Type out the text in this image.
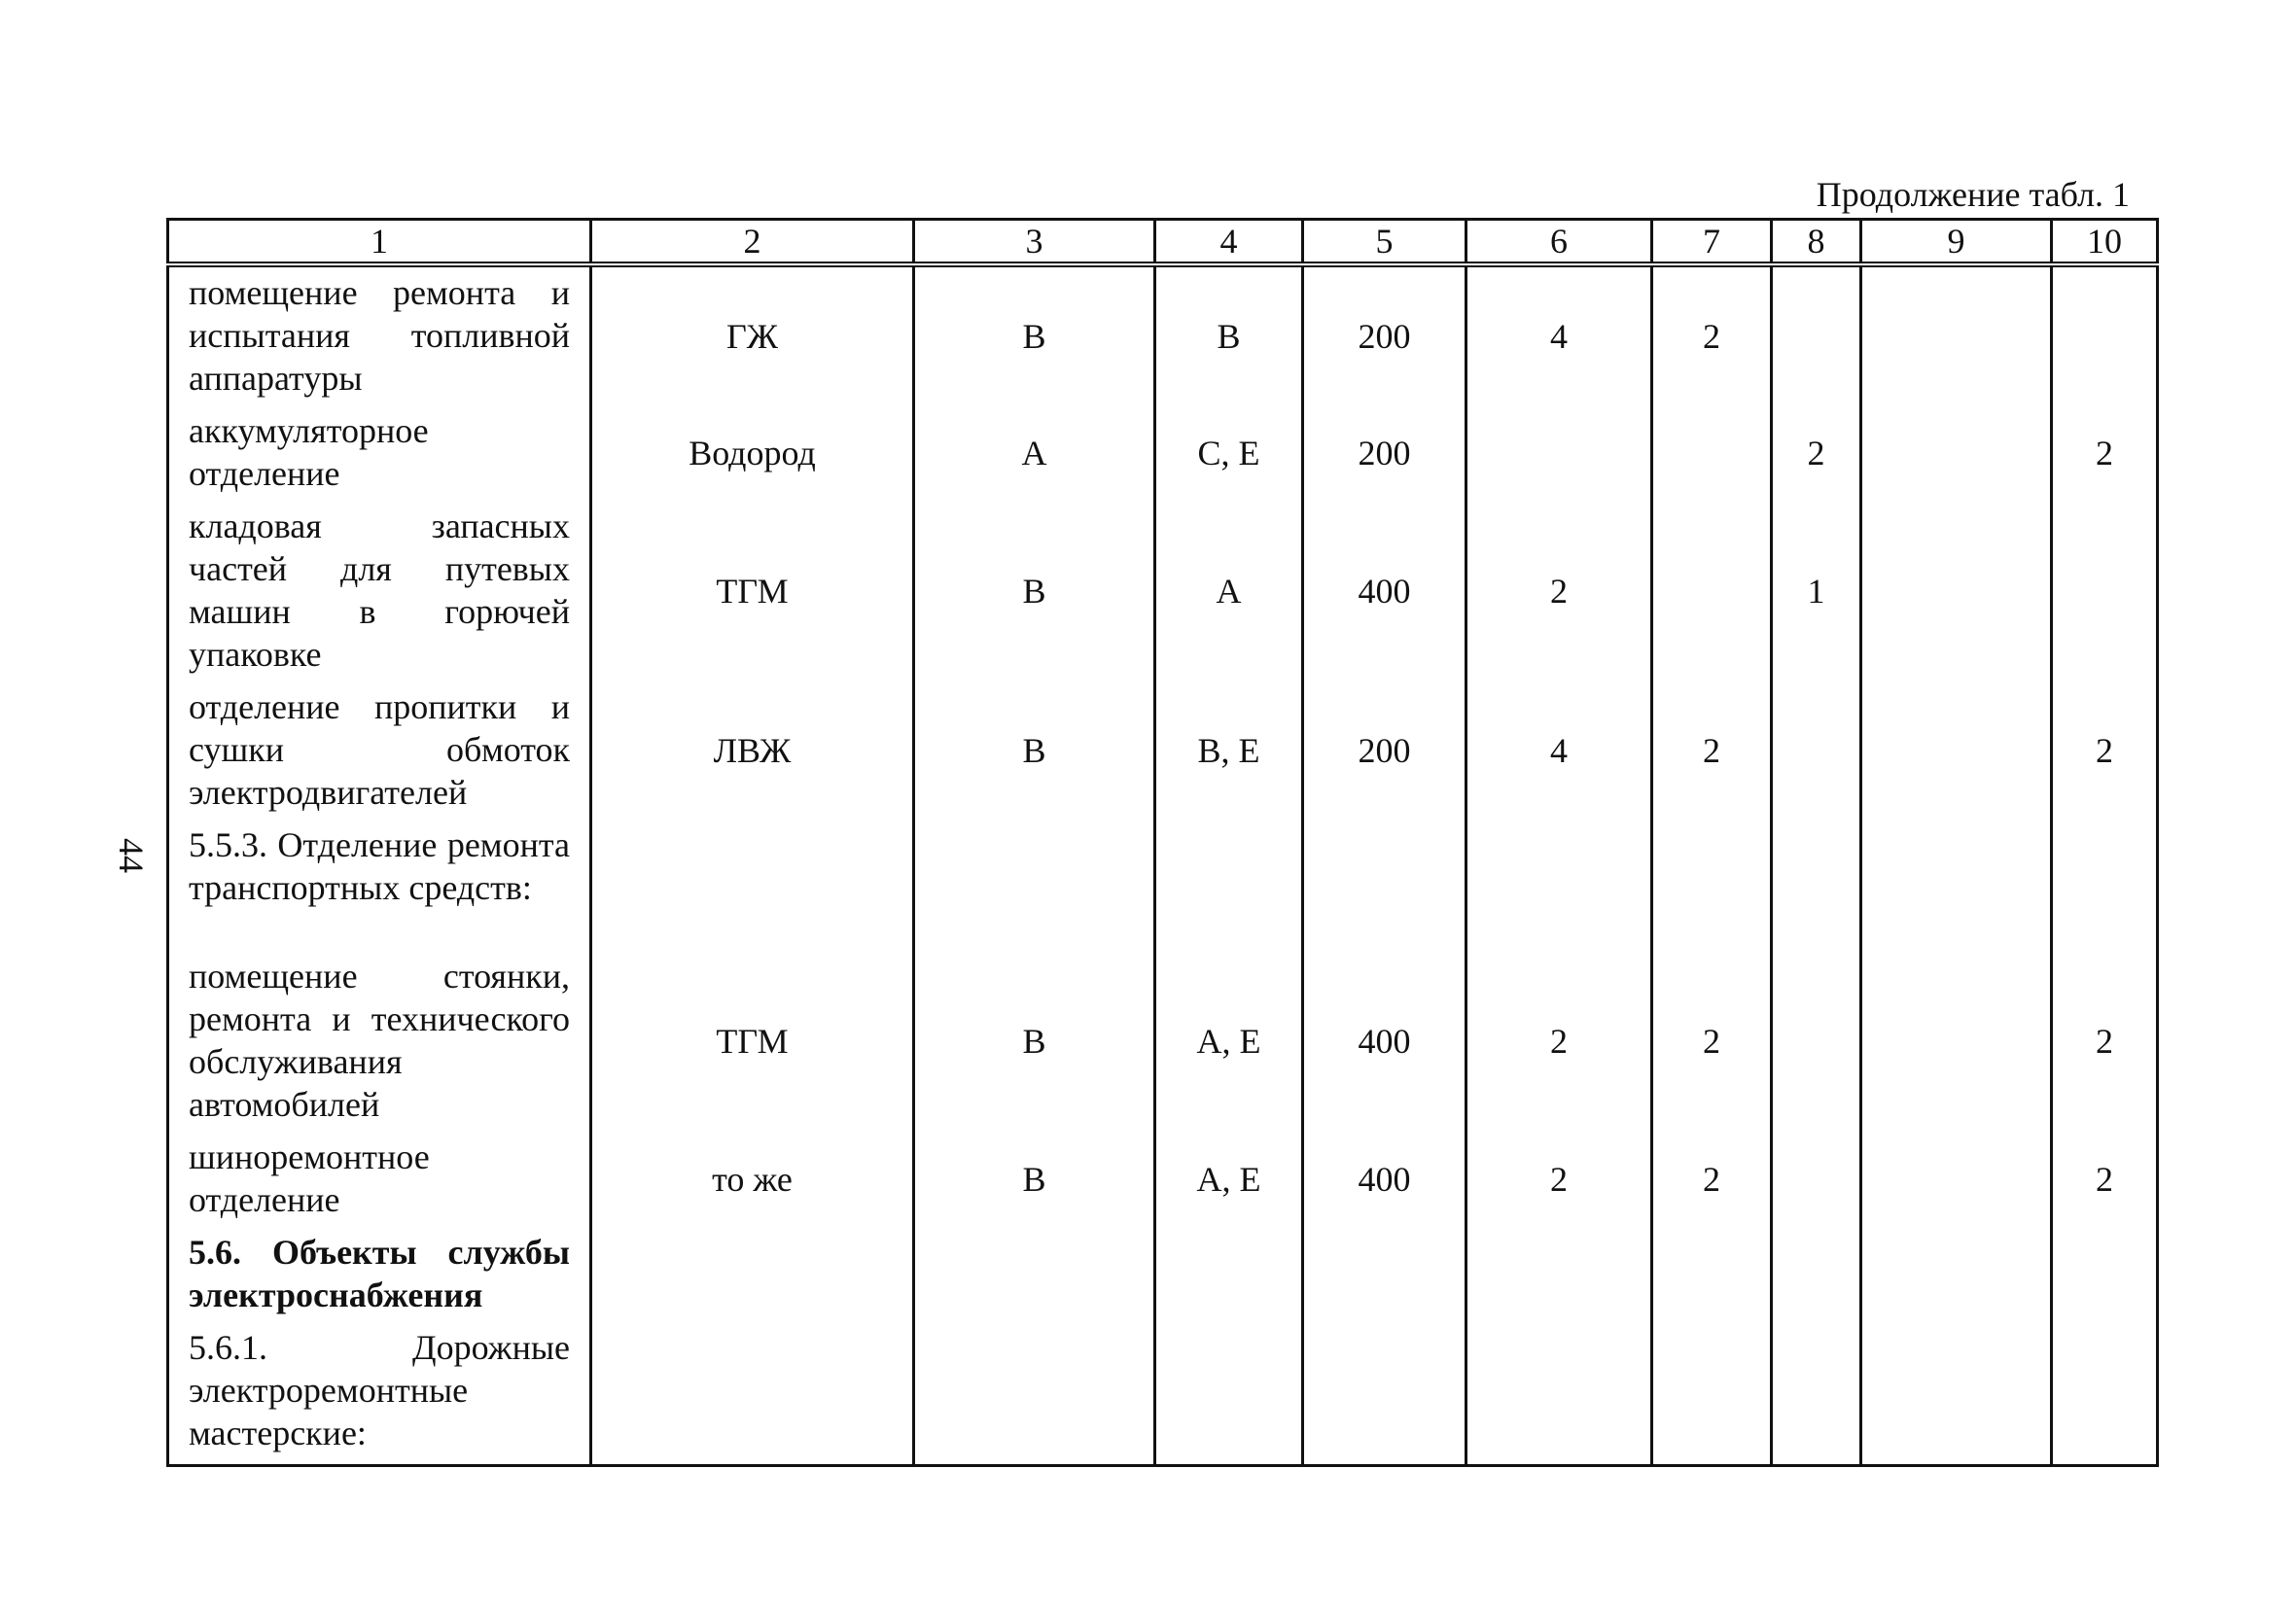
44
Продолжение табл. 1
1	2	3	4	5	6	7	8	9	10
помещение ремонта и испытания топливной аппаратуры	ГЖ	В	В	200	4	2			
аккумуляторное отделение	Водород	А	С, Е	200			2		2
кладовая запасных частей для путевых машин в горючей упаковке	ТГМ	В	А	400	2		1		
отделение пропитки и сушки обмоток электродвигателей	ЛВЖ	В	В, Е	200	4	2			2
5.5.3. Отделение ремонта транспортных средств:									
помещение стоянки, ремонта и технического обслуживания автомобилей	ТГМ	В	А, Е	400	2	2			2
шиноремонтное отделение	то же	В	А, Е	400	2	2			2
5.6. Объекты службы электроснабжения									
5.6.1. Дорожные электроремонтные мастерские:									
